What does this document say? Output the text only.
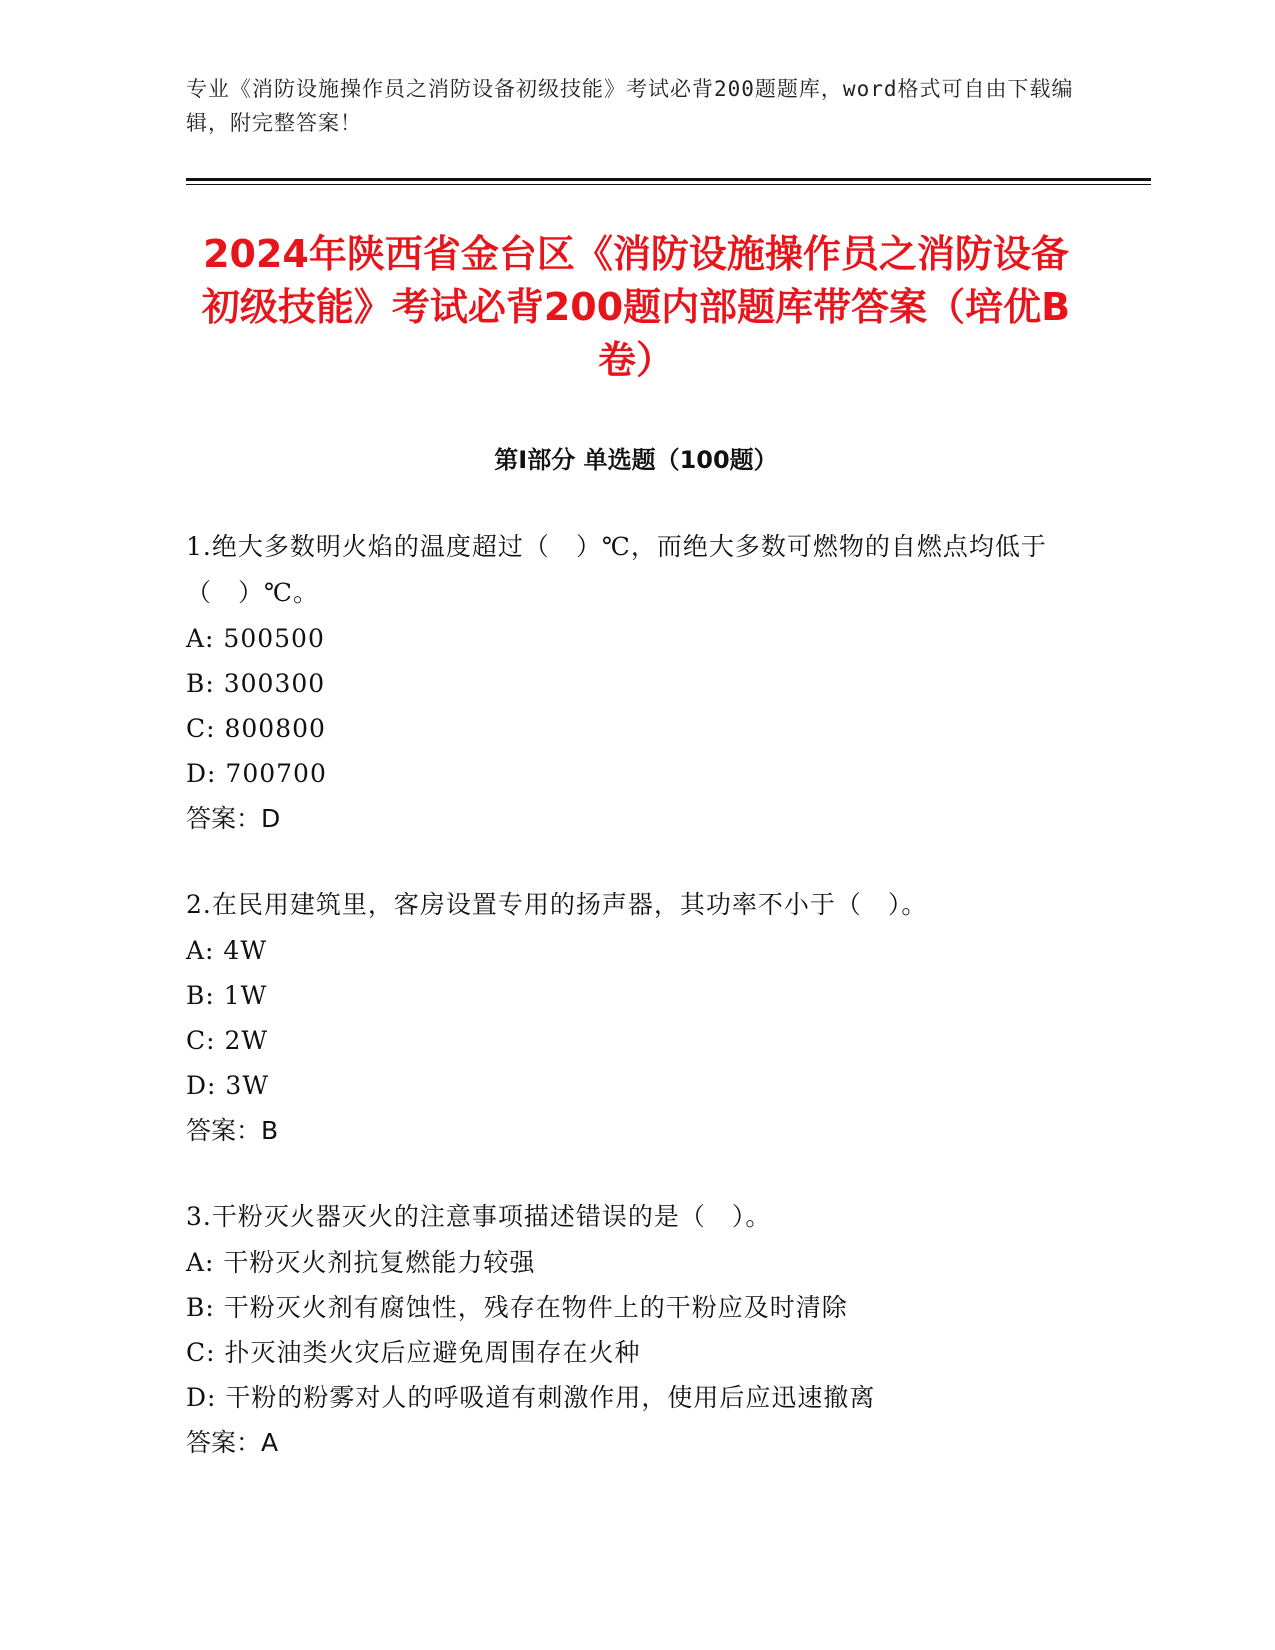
专业《消防设施操作员之消防设备初级技能》考试必背200题题库，word格式可自由下载编辑，附完整答案！
2024年陕西省金台区《消防设施操作员之消防设备初级技能》考试必背200题内部题库带答案（培优B卷）
第I部分 单选题（100题）
1.绝大多数明火焰的温度超过（　）℃，而绝大多数可燃物的自燃点均低于（　）℃。
A: 500500
B: 300300
C: 800800
D: 700700
答案：D
2.在民用建筑里，客房设置专用的扬声器，其功率不小于（　）。
A: 4W
B: 1W
C: 2W
D: 3W
答案：B
3.干粉灭火器灭火的注意事项描述错误的是（　）。
A: 干粉灭火剂抗复燃能力较强
B: 干粉灭火剂有腐蚀性，残存在物件上的干粉应及时清除
C: 扑灭油类火灾后应避免周围存在火种
D: 干粉的粉雾对人的呼吸道有刺激作用，使用后应迅速撤离
答案：A
